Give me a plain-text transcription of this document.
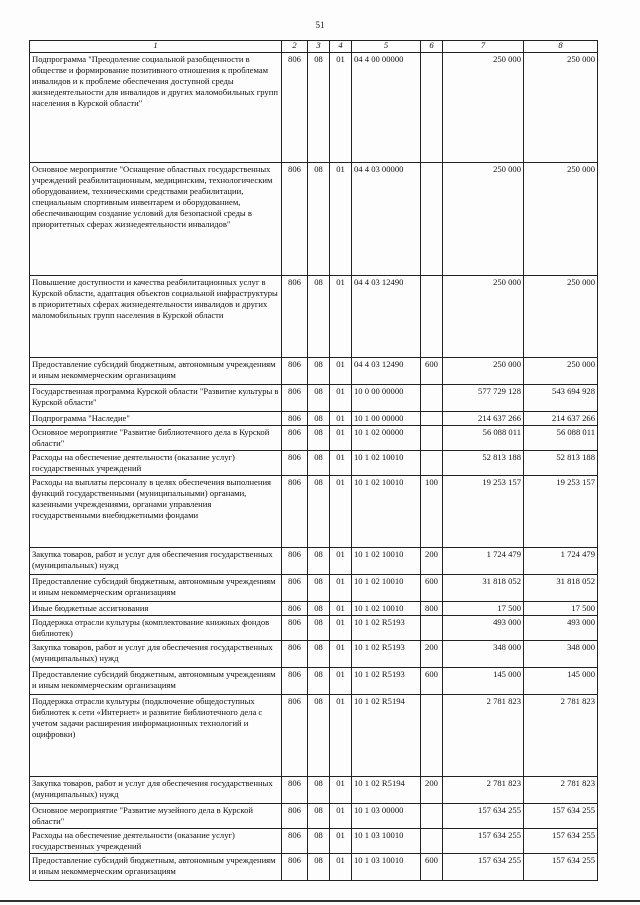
51
1	2	3	4	5	6	7	8
Подпрограмма "Преодоление социальной разобщенности в обществе и формирование позитивного отношения к проблемам инвалидов и к проблеме обеспечения доступной среды жизнедеятельности для инвалидов и других маломобильных групп населения в Курской области"	806	08	01	04 4 00 00000		250 000	250 000
Основное мероприятие "Оснащение областных государственных учреждений реабилитационным, медицинским, технологическим оборудованием, техническими средствами реабилитации, специальным спортивным инвентарем и оборудованием, обеспечивающим создание условий для безопасной среды в приоритетных сферах жизнедеятельности инвалидов"	806	08	01	04 4 03 00000		250 000	250 000
Повышение доступности и качества реабилитационных услуг в Курской области, адаптация объектов социальной инфраструктуры в приоритетных сферах жизнедеятельности инвалидов и других маломобильных групп населения в Курской области	806	08	01	04 4 03 12490		250 000	250 000
Предоставление субсидий бюджетным, автономным учреждениям и иным некоммерческим организациям	806	08	01	04 4 03 12490	600	250 000	250 000
Государственная программа Курской области "Развитие культуры в Курской области"	806	08	01	10 0 00 00000		577 729 128	543 694 928
Подпрограмма "Наследие"	806	08	01	10 1 00 00000		214 637 266	214 637 266
Основное мероприятие "Развитие библиотечного дела в Курской области"	806	08	01	10 1 02 00000		56 088 011	56 088 011
Расходы на обеспечение деятельности (оказание услуг) государственных учреждений	806	08	01	10 1 02 10010		52 813 188	52 813 188
Расходы на выплаты персоналу в целях обеспечения выполнения функций государственными (муниципальными) органами, казенными учреждениями, органами управления государственными внебюджетными фондами	806	08	01	10 1 02 10010	100	19 253 157	19 253 157
Закупка товаров, работ и услуг для обеспечения государственных (муниципальных) нужд	806	08	01	10 1 02 10010	200	1 724 479	1 724 479
Предоставление субсидий бюджетным, автономным учреждениям и иным некоммерческим организациям	806	08	01	10 1 02 10010	600	31 818 052	31 818 052
Иные бюджетные ассигнования	806	08	01	10 1 02 10010	800	17 500	17 500
Поддержка отрасли культуры (комплектование книжных фондов библиотек)	806	08	01	10 1 02 R5193		493 000	493 000
Закупка товаров, работ и услуг для обеспечения государственных (муниципальных) нужд	806	08	01	10 1 02 R5193	200	348 000	348 000
Предоставление субсидий бюджетным, автономным учреждениям и иным некоммерческим организациям	806	08	01	10 1 02 R5193	600	145 000	145 000
Поддержка отрасли культуры (подключение общедоступных библиотек к сети «Интернет» и развитие библиотечного дела с учетом задачи расширения информационных технологий и оцифровки)	806	08	01	10 1 02 R5194		2 781 823	2 781 823
Закупка товаров, работ и услуг для обеспечения государственных (муниципальных) нужд	806	08	01	10 1 02 R5194	200	2 781 823	2 781 823
Основное мероприятие "Развитие музейного дела в Курской области"	806	08	01	10 1 03 00000		157 634 255	157 634 255
Расходы на обеспечение деятельности (оказание услуг) государственных учреждений	806	08	01	10 1 03 10010		157 634 255	157 634 255
Предоставление субсидий бюджетным, автономным учреждениям и иным некоммерческим организациям	806	08	01	10 1 03 10010	600	157 634 255	157 634 255
